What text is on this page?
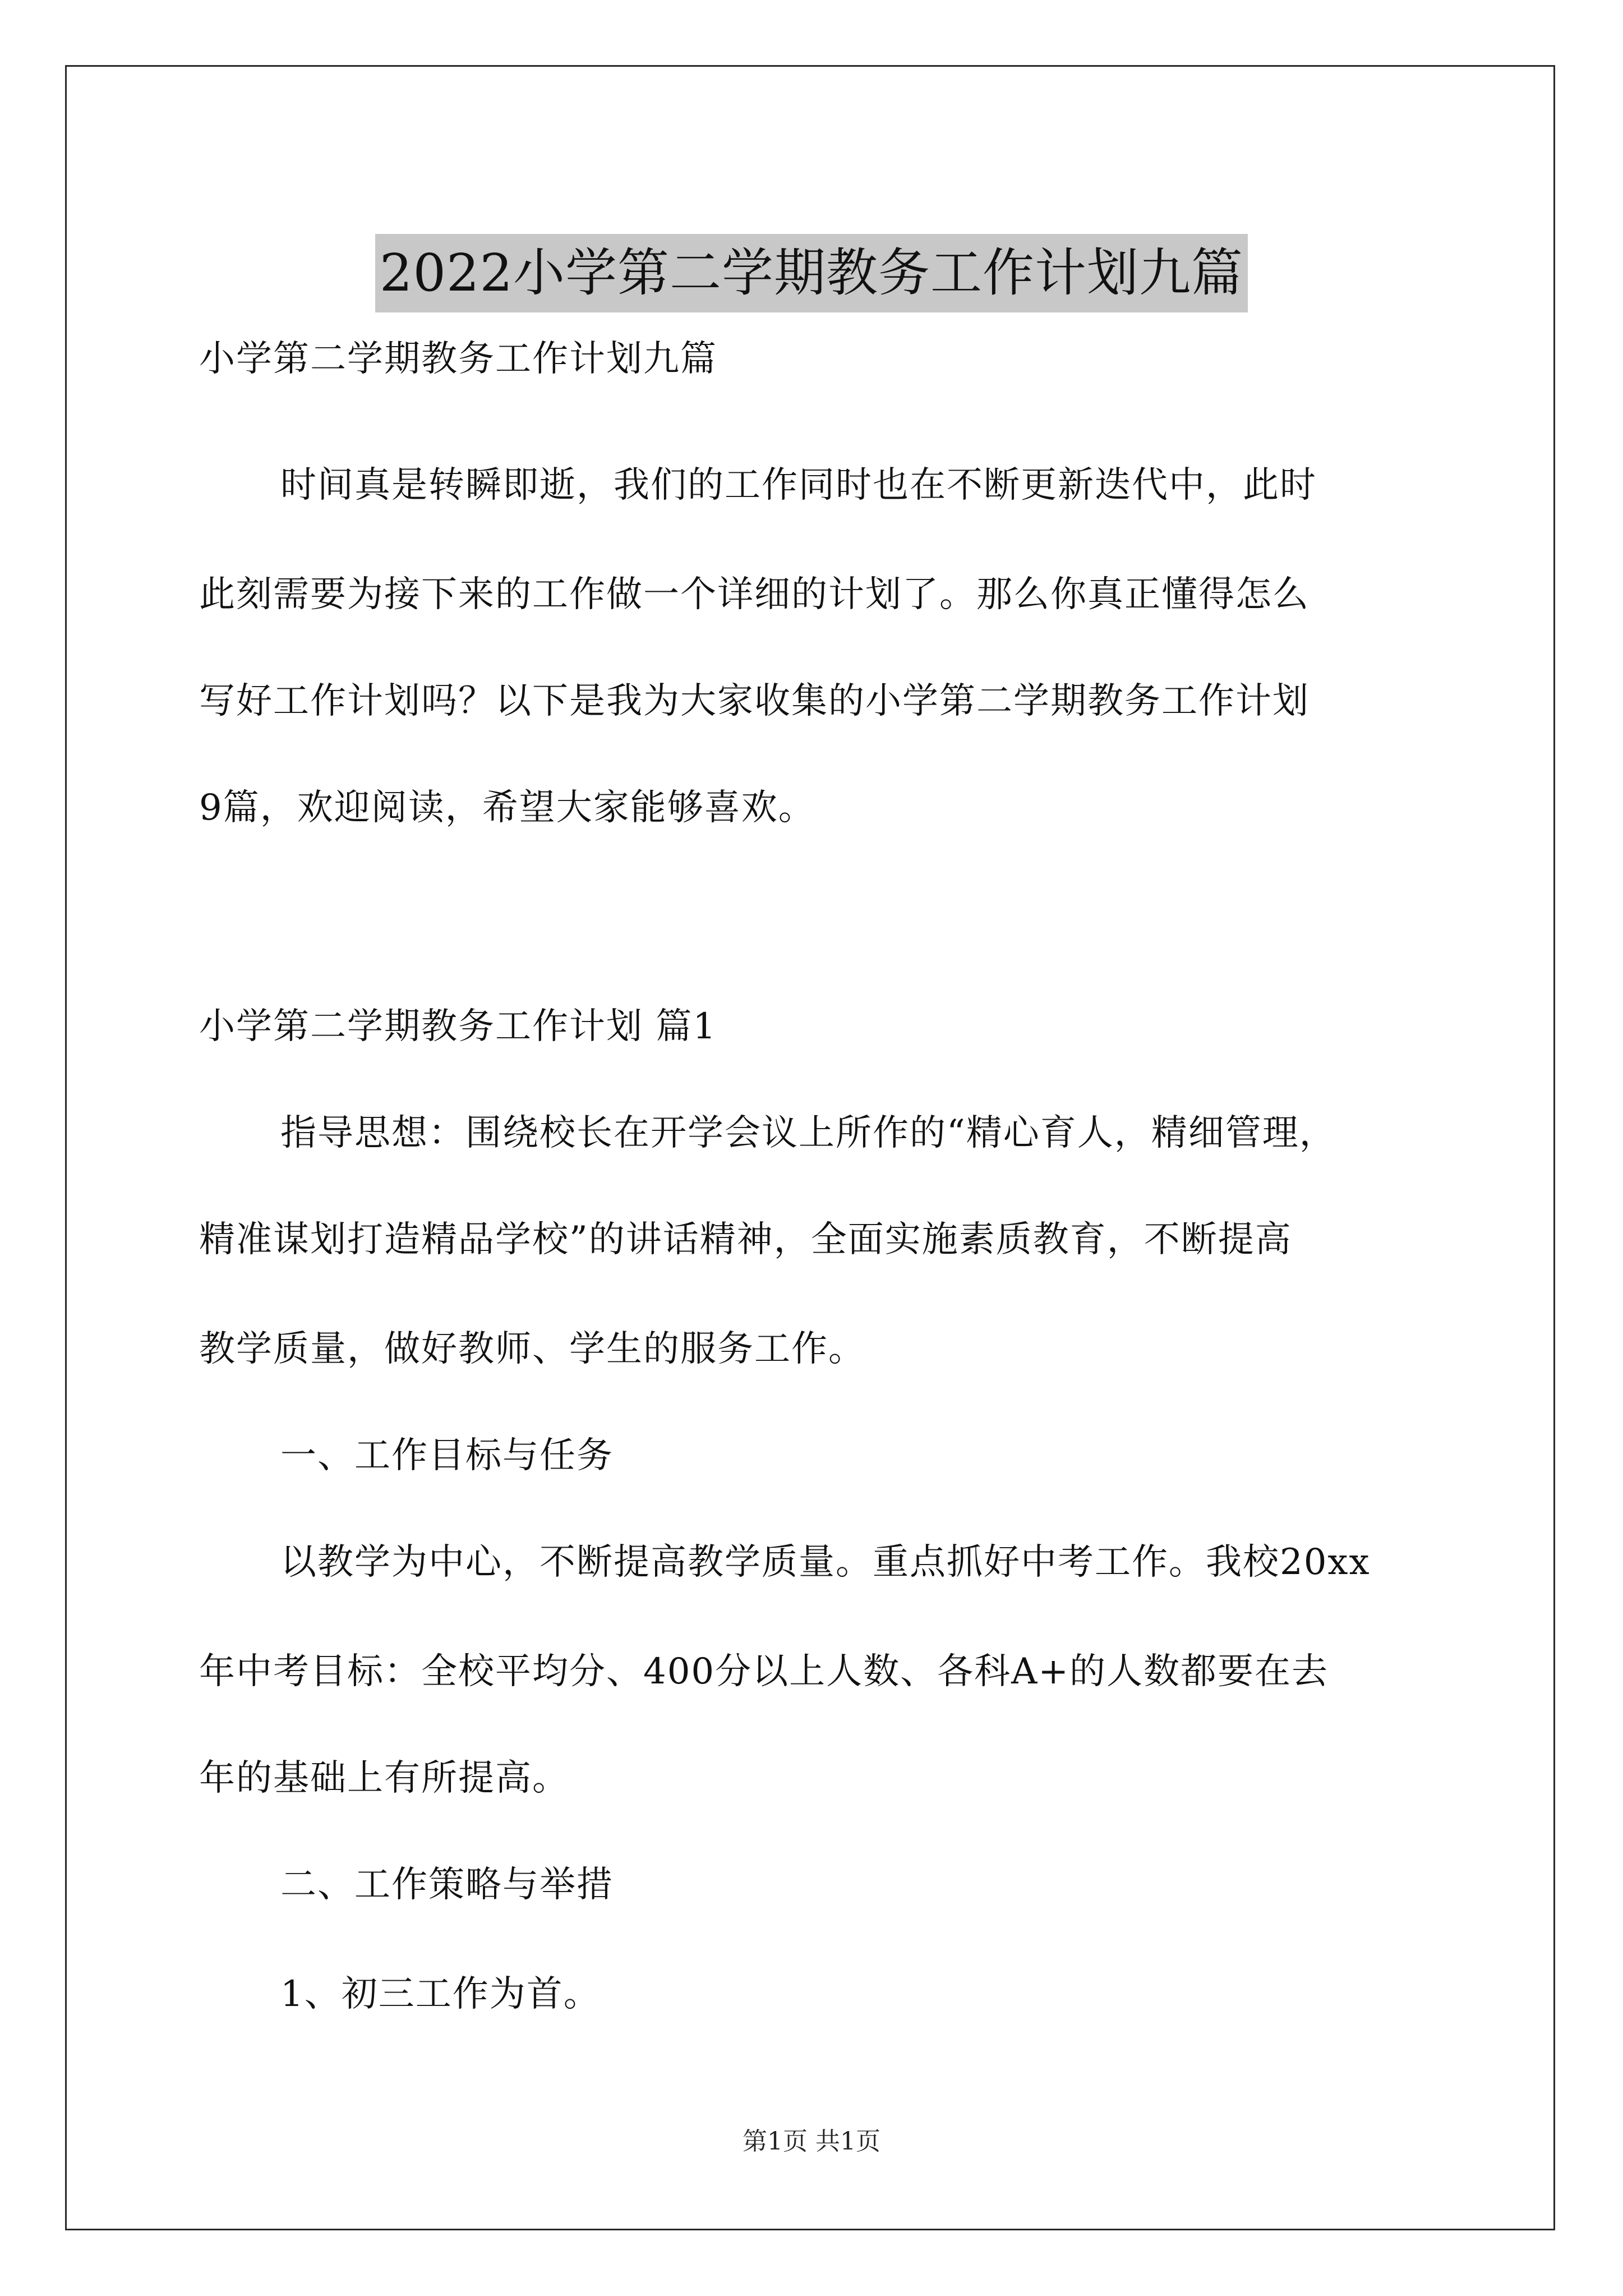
2022小学第二学期教务工作计划九篇
小学第二学期教务工作计划九篇
时间真是转瞬即逝，我们的工作同时也在不断更新迭代中，此时
此刻需要为接下来的工作做一个详细的计划了。那么你真正懂得怎么
写好工作计划吗？以下是我为大家收集的小学第二学期教务工作计划
9篇，欢迎阅读，希望大家能够喜欢。
小学第二学期教务工作计划 篇1
指导思想：围绕校长在开学会议上所作的“精心育人，精细管理，
精准谋划打造精品学校”的讲话精神，全面实施素质教育，不断提高
教学质量，做好教师、学生的服务工作。
一、工作目标与任务
以教学为中心，不断提高教学质量。重点抓好中考工作。我校20xx
年中考目标：全校平均分、400分以上人数、各科A+的人数都要在去
年的基础上有所提高。
二、工作策略与举措
1、初三工作为首。
第1页 共1页
